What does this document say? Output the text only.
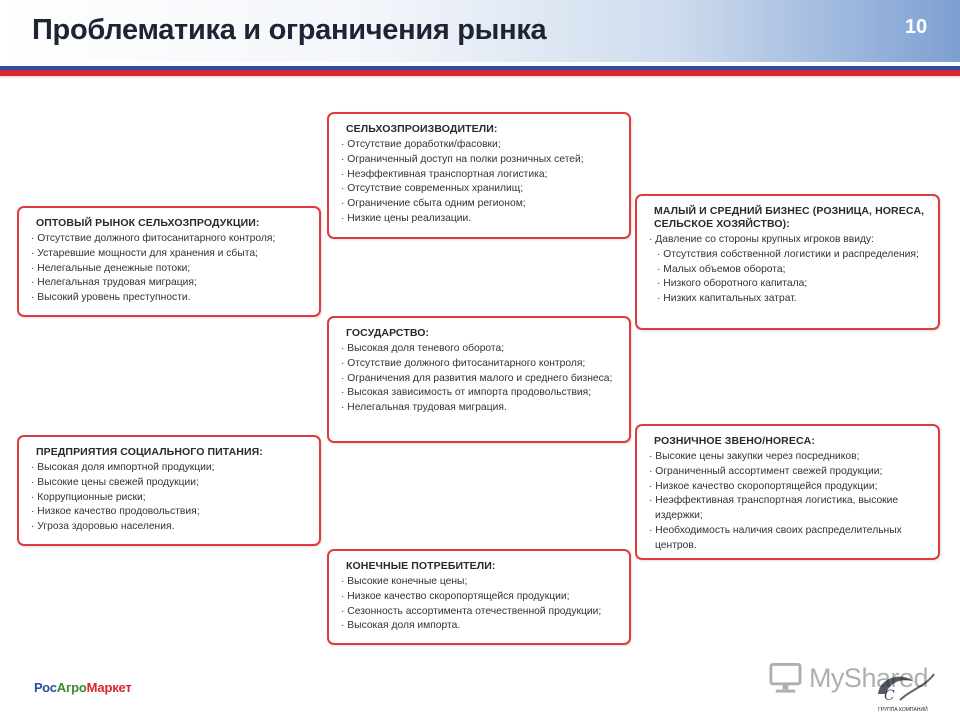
Проблематика и ограничения рынка	10
СЕЛЬХОЗПРОИЗВОДИТЕЛИ:
· Отсутствие доработки/фасовки;
· Ограниченный доступ на полки розничных сетей;
· Неэффективная транспортная логистика;
· Отсутствие современных хранилищ;
· Ограничение сбыта одним регионом;
· Низкие цены реализации.
ОПТОВЫЙ РЫНОК СЕЛЬХОЗПРОДУКЦИИ:
· Отсутствие должного фитосанитарного контроля;
· Устаревшие мощности для хранения и сбыта;
· Нелегальные денежные потоки;
· Нелегальная трудовая миграция;
· Высокий уровень преступности.
МАЛЫЙ И СРЕДНИЙ БИЗНЕС (РОЗНИЦА, HORECA,
СЕЛЬСКОЕ ХОЗЯЙСТВО):
· Давление со стороны крупных игроков ввиду:
· Отсутствия собственной логистики и распределения;
· Малых объемов оборота;
· Низкого оборотного капитала;
· Низких капитальных затрат.
ГОСУДАРСТВО:
· Высокая доля теневого оборота;
· Отсутствие должного фитосанитарного контроля;
· Ограничения для развития малого и среднего бизнеса;
· Высокая зависимость от импорта продовольствия;
· Нелегальная трудовая миграция.
ПРЕДПРИЯТИЯ СОЦИАЛЬНОГО ПИТАНИЯ:
· Высокая доля импортной продукции;
· Высокие цены свежей продукции;
· Коррупционные риски;
· Низкое качество продовольствия;
· Угроза здоровью населения.
РОЗНИЧНОЕ ЗВЕНО/HORECA:
· Высокие цены закупки через посредников;
· Ограниченный ассортимент свежей продукции;
· Низкое качество скоропортящейся продукции;
· Неэффективная транспортная логистика, высокие издержки;
· Необходимость наличия своих распределительных центров.
КОНЕЧНЫЕ ПОТРЕБИТЕЛИ:
· Высокие конечные цены;
· Низкое качество скоропортящейся продукции;
· Сезонность ассортимента отечественной продукции;
· Высокая доля импорта.
РосАгроМаркет	MyShared
С
ГРУППА КОМПАНИЙ
